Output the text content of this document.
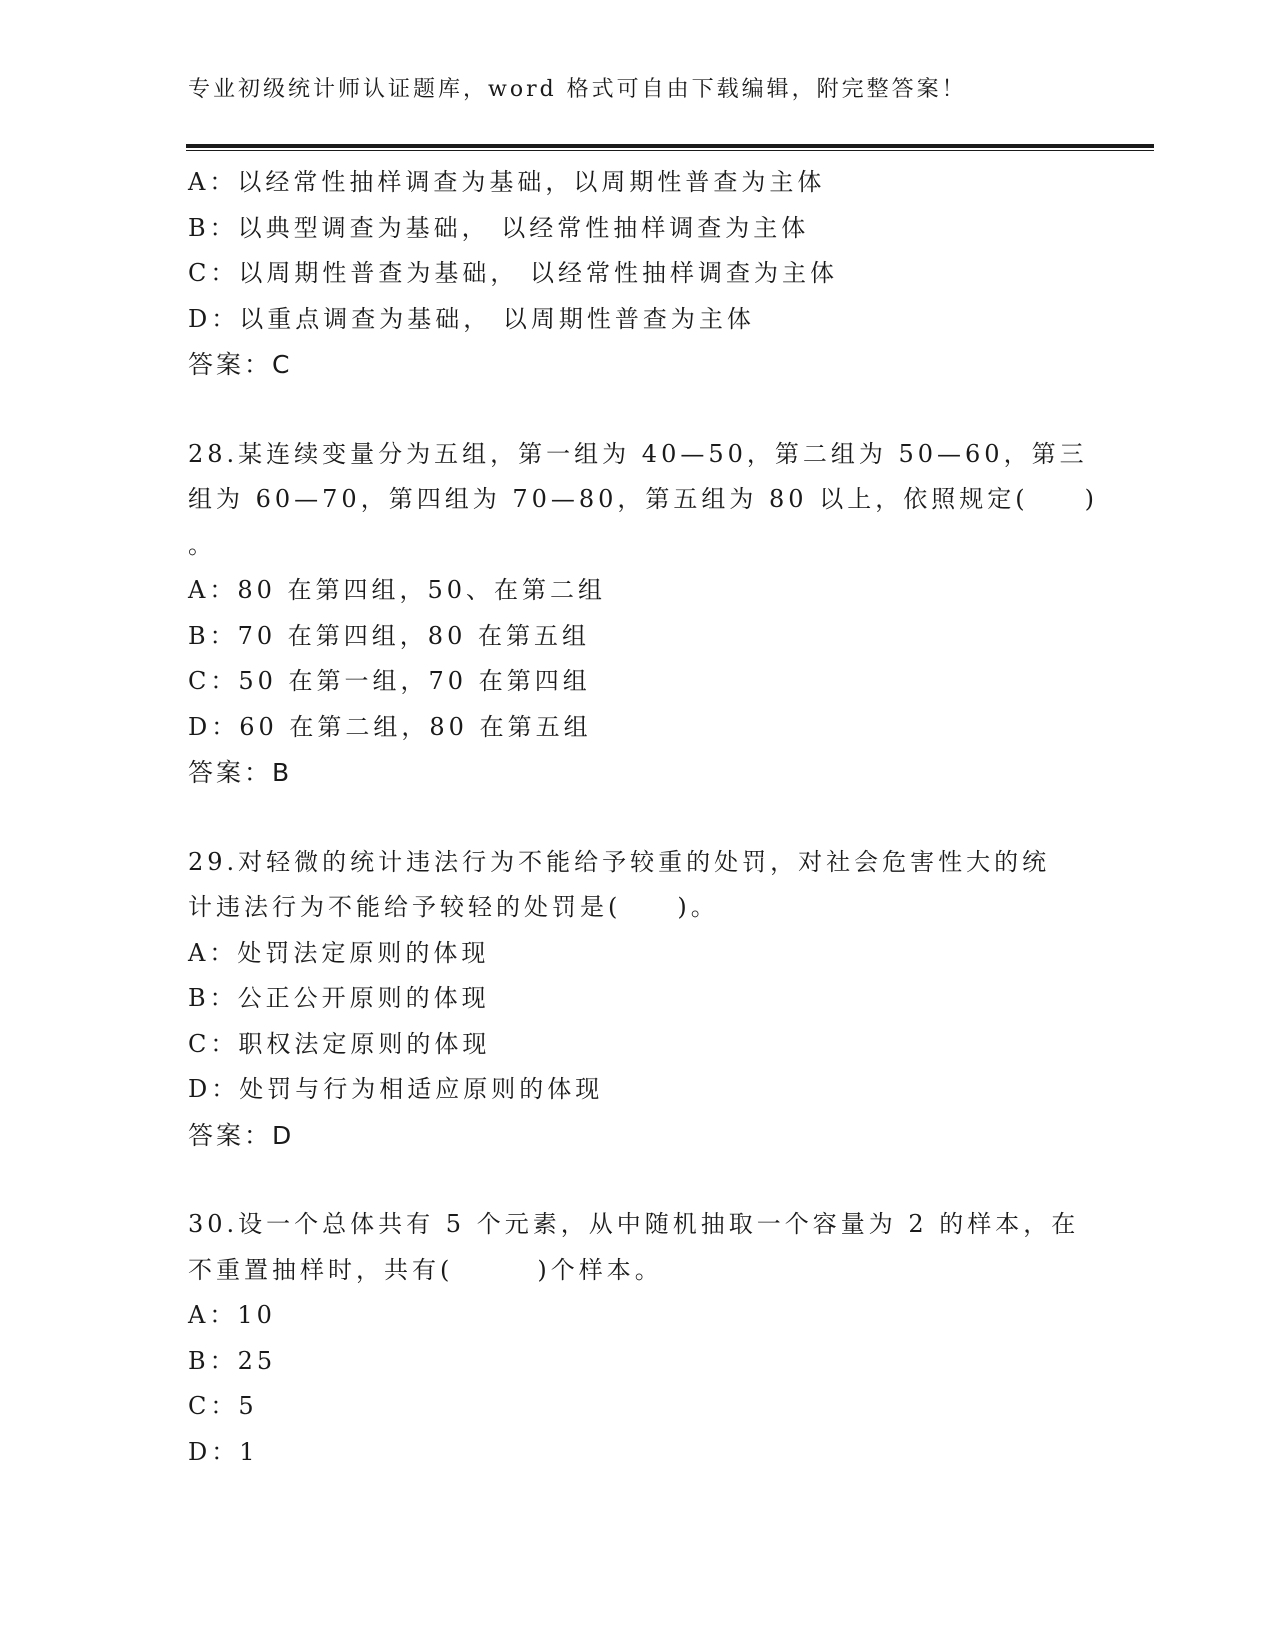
专业初级统计师认证题库，word 格式可自由下载编辑，附完整答案！
A：以经常性抽样调查为基础，以周期性普查为主体
B：以典型调查为基础， 以经常性抽样调查为主体
C：以周期性普查为基础， 以经常性抽样调查为主体
D：以重点调查为基础， 以周期性普查为主体
答案：C
28.某连续变量分为五组，第一组为 40—50，第二组为 50—60，第三
组为 60—70，第四组为 70—80，第五组为 80 以上，依照规定(　　)
。
A：80 在第四组，50、在第二组
B：70 在第四组，80 在第五组
C：50 在第一组，70 在第四组
D：60 在第二组，80 在第五组
答案：B
29.对轻微的统计违法行为不能给予较重的处罚，对社会危害性大的统
计违法行为不能给予较轻的处罚是(　　)。
A：处罚法定原则的体现
B：公正公开原则的体现
C：职权法定原则的体现
D：处罚与行为相适应原则的体现
答案：D
30.设一个总体共有 5 个元素，从中随机抽取一个容量为 2 的样本，在
不重置抽样时，共有(　　　)个样本。
A：10
B：25
C：5
D：1
